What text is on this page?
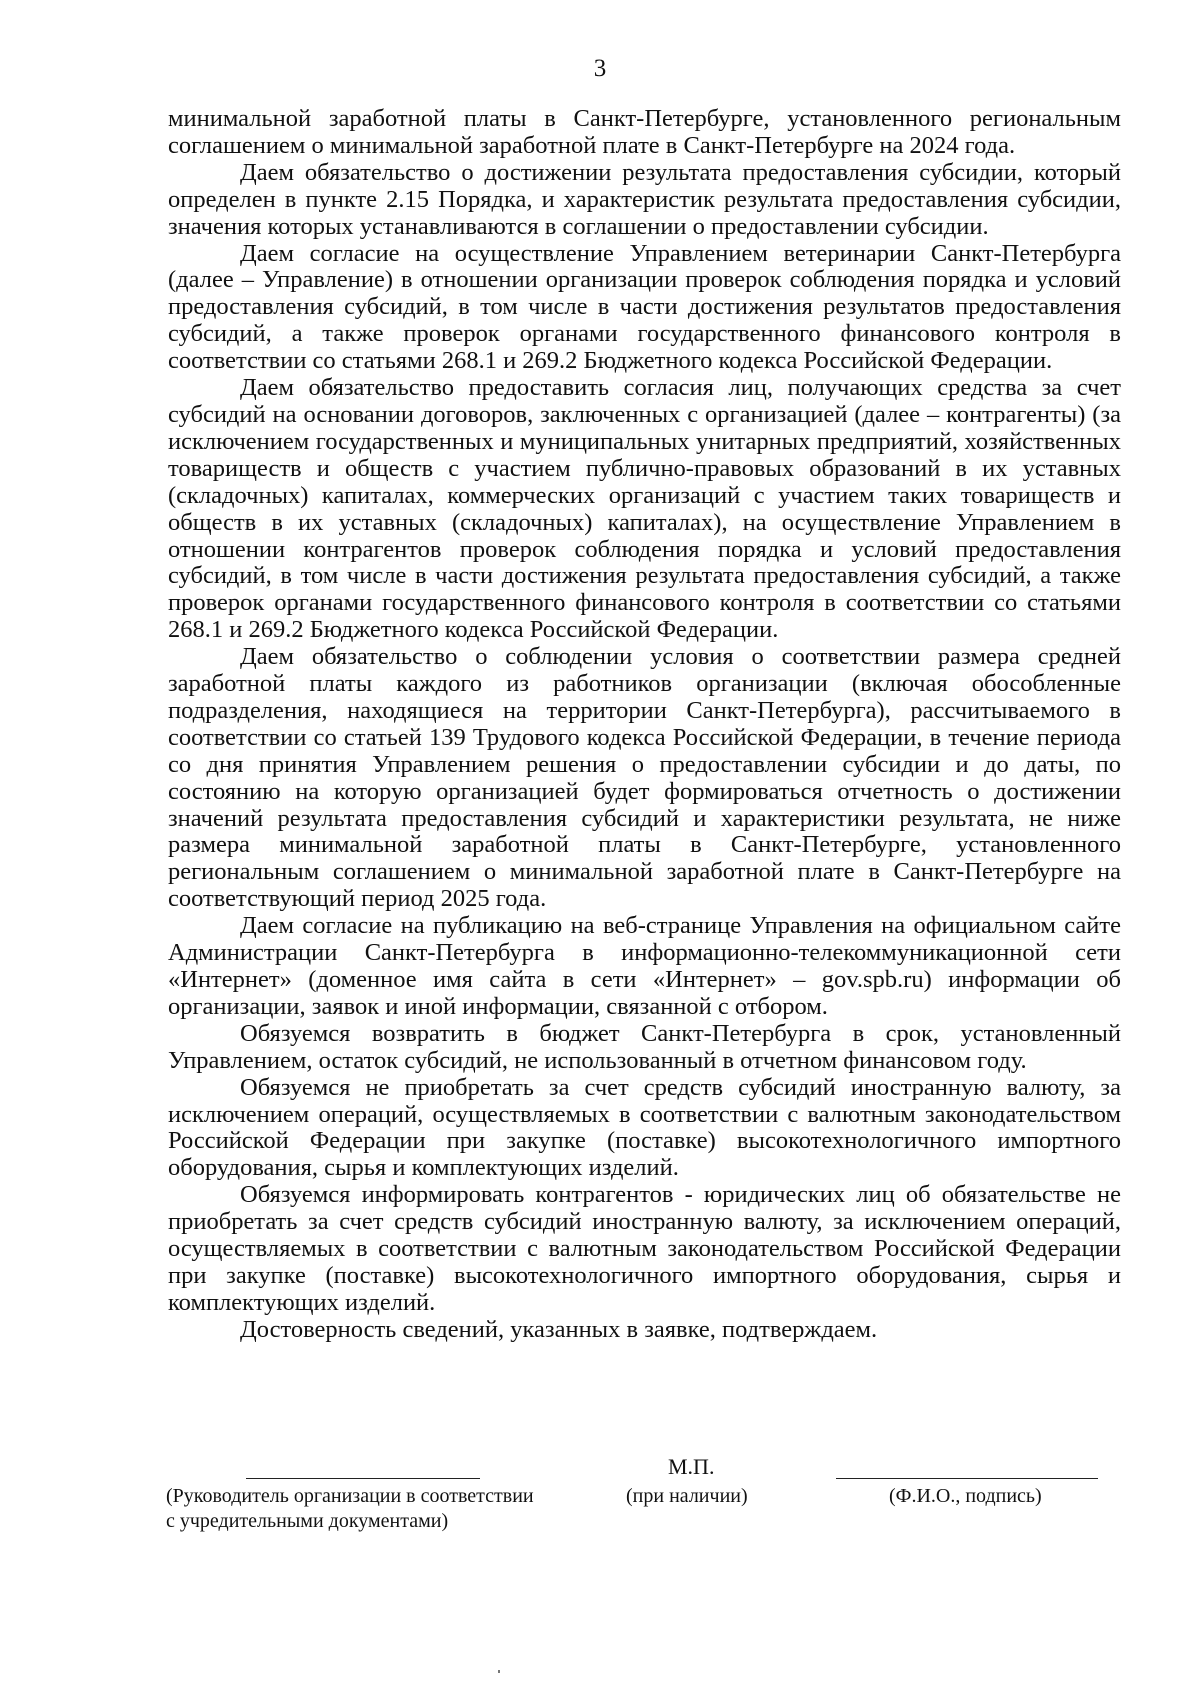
3

минимальной заработной платы в Санкт-Петербурге, установленного региональным соглашением о минимальной заработной плате в Санкт-Петербурге на 2024 года.

Даем обязательство о достижении результата предоставления субсидии, который определен в пункте 2.15 Порядка, и характеристик результата предоставления субсидии, значения которых устанавливаются в соглашении о предоставлении субсидии.

Даем согласие на осуществление Управлением ветеринарии Санкт-Петербурга (далее – Управление) в отношении организации проверок соблюдения порядка и условий предоставления субсидий, в том числе в части достижения результатов предоставления субсидий, а также проверок органами государственного финансового контроля в соответствии со статьями 268.1 и 269.2 Бюджетного кодекса Российской Федерации.

Даем обязательство предоставить согласия лиц, получающих средства за счет субсидий на основании договоров, заключенных с организацией (далее – контрагенты) (за исключением государственных и муниципальных унитарных предприятий, хозяйственных товариществ и обществ с участием публично-правовых образований в их уставных (складочных) капиталах, коммерческих организаций с участием таких товариществ и обществ в их уставных (складочных) капиталах), на осуществление Управлением в отношении контрагентов проверок соблюдения порядка и условий предоставления субсидий, в том числе в части достижения результата предоставления субсидий, а также проверок органами государственного финансового контроля в соответствии со статьями 268.1 и 269.2 Бюджетного кодекса Российской Федерации.

Даем обязательство о соблюдении условия о соответствии размера средней заработной платы каждого из работников организации (включая обособленные подразделения, находящиеся на территории Санкт-Петербурга), рассчитываемого в соответствии со статьей 139 Трудового кодекса Российской Федерации, в течение периода со дня принятия Управлением решения о предоставлении субсидии и до даты, по состоянию на которую организацией будет формироваться отчетность о достижении значений результата предоставления субсидий и характеристики результата, не ниже размера минимальной заработной платы в Санкт-Петербурге, установленного региональным соглашением о минимальной заработной плате в Санкт-Петербурге на соответствующий период 2025 года.

Даем согласие на публикацию на веб-странице Управления на официальном сайте Администрации Санкт-Петербурга в информационно-телекоммуникационной сети «Интернет» (доменное имя сайта в сети «Интернет» – gov.spb.ru) информации об организации, заявок и иной информации, связанной с отбором.

Обязуемся возвратить в бюджет Санкт-Петербурга в срок, установленный Управлением, остаток субсидий, не использованный в отчетном финансовом году.

Обязуемся не приобретать за счет средств субсидий иностранную валюту, за исключением операций, осуществляемых в соответствии с валютным законодательством Российской Федерации при закупке (поставке) высокотехнологичного импортного оборудования, сырья и комплектующих изделий.

Обязуемся информировать контрагентов - юридических лиц об обязательстве не приобретать за счет средств субсидий иностранную валюту, за исключением операций, осуществляемых в соответствии с валютным законодательством Российской Федерации при закупке (поставке) высокотехнологичного импортного оборудования, сырья и комплектующих изделий.

Достоверность сведений, указанных в заявке, подтверждаем.

(Руководитель организации в соответствии
с учредительными документами)
М.П.
(при наличии)	(Ф.И.О., подпись)
